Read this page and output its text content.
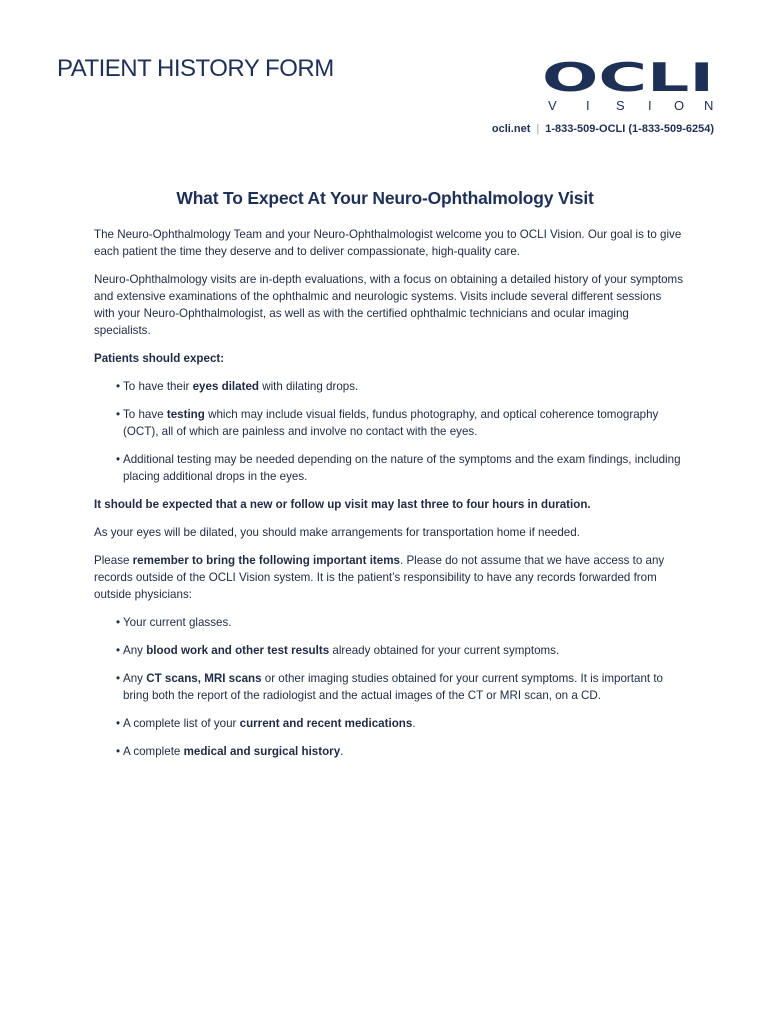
PATIENT HISTORY FORM	OCLI
V I S I O N
ocli.net | 1-833-509-OCLI (1-833-509-6254)
What To Expect At Your Neuro-Ophthalmology Visit

The Neuro-Ophthalmology Team and your Neuro-Ophthalmologist welcome you to OCLI Vision. Our goal is to give each patient the time they deserve and to deliver compassionate, high-quality care.

Neuro-Ophthalmology visits are in-depth evaluations, with a focus on obtaining a detailed history of your symptoms and extensive examinations of the ophthalmic and neurologic systems. Visits include several different sessions with your Neuro-Ophthalmologist, as well as with the certified ophthalmic technicians and ocular imaging specialists.

Patients should expect:

• To have their eyes dilated with dilating drops.
• To have testing which may include visual fields, fundus photography, and optical coherence tomography (OCT), all of which are painless and involve no contact with the eyes.
• Additional testing may be needed depending on the nature of the symptoms and the exam findings, including placing additional drops in the eyes.

It should be expected that a new or follow up visit may last three to four hours in duration.

As your eyes will be dilated, you should make arrangements for transportation home if needed.

Please remember to bring the following important items. Please do not assume that we have access to any records outside of the OCLI Vision system. It is the patient’s responsibility to have any records forwarded from outside physicians:

• Your current glasses.
• Any blood work and other test results already obtained for your current symptoms.
• Any CT scans, MRI scans or other imaging studies obtained for your current symptoms. It is important to bring both the report of the radiologist and the actual images of the CT or MRI scan, on a CD.
• A complete list of your current and recent medications.
• A complete medical and surgical history.
